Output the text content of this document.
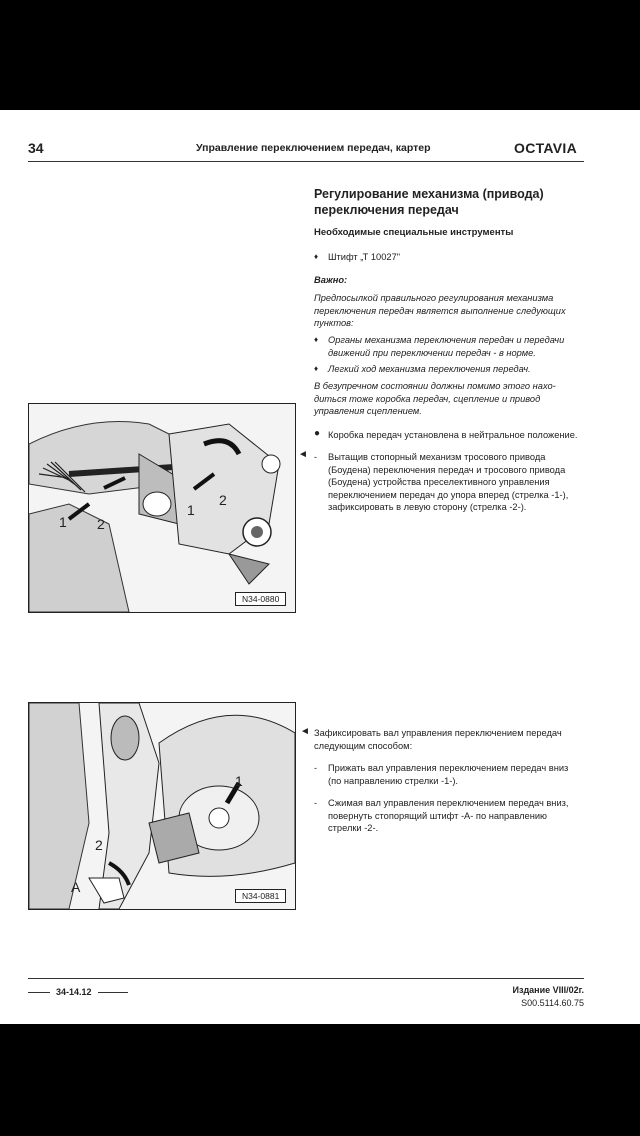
34	Управление переключением передач, картер	OCTAVIA
Регулирование механизма (привода)
переключения передач
Необходимые специальные инструменты
♦	Штифт „Т 10027"
Важно:
Предпосылкой правильного регулирования механизма
переключения передач является выполнение следующих
пунктов:
♦ Органы механизма переключения передач и передачи
движений при переключении передач - в норме.
♦	Легкий ход механизма переключения передач.
В безупречном состоянии должны помимо этого нахо-
диться тоже коробка передач, сцепление и привод
управления сцеплением.
● Коробка передач установлена в нейтральное положение.
◄ - Вытащив стопорный механизм тросового привода
(Боудена) переключения передач и тросового привода
(Боудена) устройства преселективного управления
переключением передач до упора вперед (стрелка -1-),
зафиксировать в левую сторону (стрелка -2-).
1 2
1
2
N34-0880
1
2
A
N34-0881
◄ Зафиксировать вал управления переключением передач
следующим способом:
- Прижать вал управления переключением передач вниз
(по направлению стрелки -1-).
- Сжимая вал управления переключением передач вниз,
повернуть стопорящий штифт -А- по направлению
стрелки -2-.
34-14.12	Издание VIII/02г.
S00.5114.60.75
